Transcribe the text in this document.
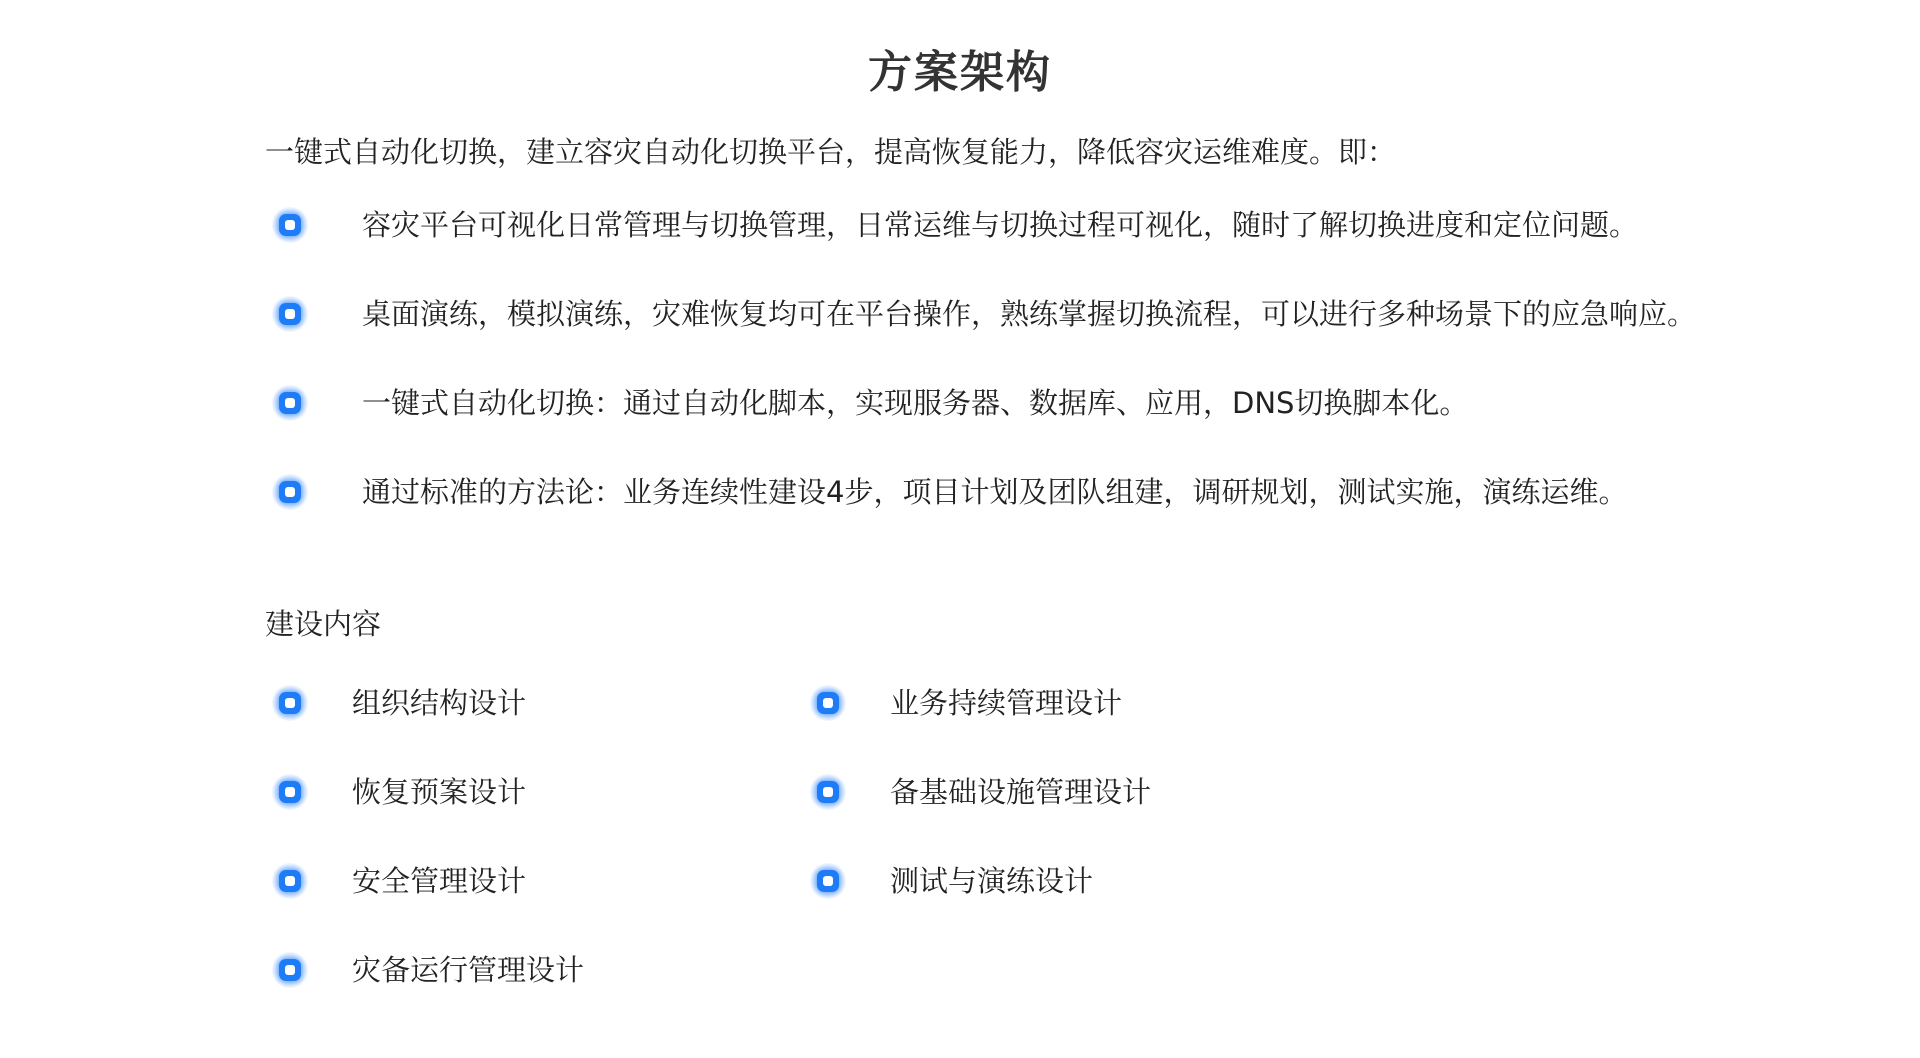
方案架构
一键式自动化切换，建立容灾自动化切换平台，提高恢复能力，降低容灾运维难度。即：
容灾平台可视化日常管理与切换管理，日常运维与切换过程可视化，随时了解切换进度和定位问题。
桌面演练，模拟演练，灾难恢复均可在平台操作，熟练掌握切换流程，可以进行多种场景下的应急响应。
一键式自动化切换：通过自动化脚本，实现服务器、数据库、应用，DNS切换脚本化。
通过标准的方法论：业务连续性建设4步，项目计划及团队组建，调研规划，测试实施，演练运维。
建设内容
组织结构设计
恢复预案设计
安全管理设计
灾备运行管理设计
业务持续管理设计
备基础设施管理设计
测试与演练设计
